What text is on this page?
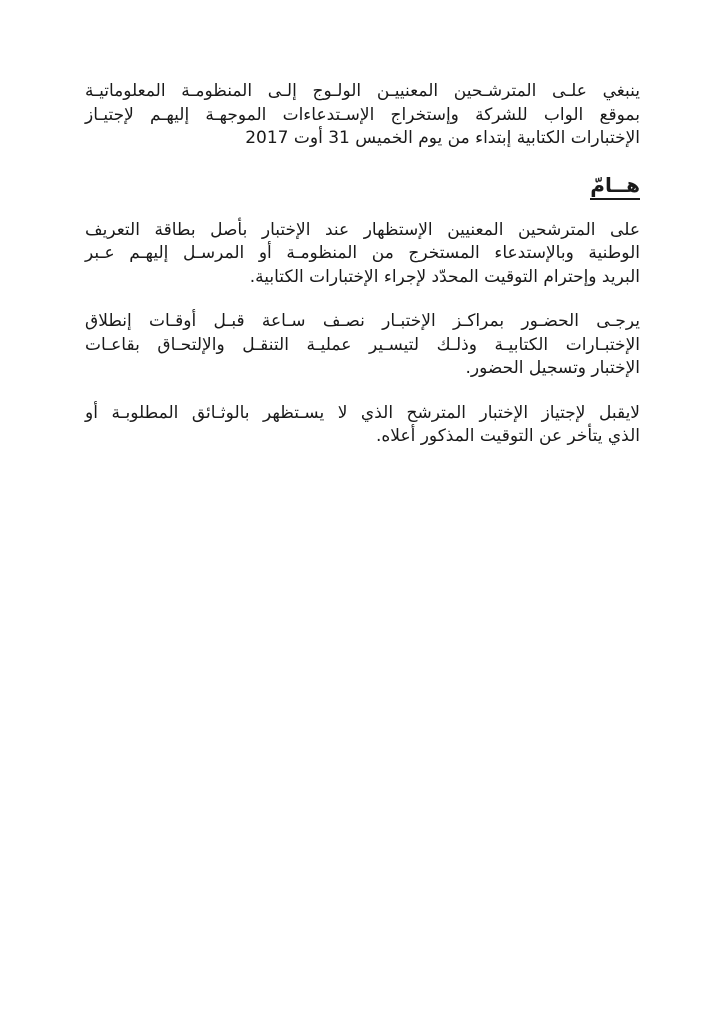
ينبغي علـى المترشـحين المعنييـن الولـوج إلـى المنظومـة المعلوماتيـة
بموقع الواب للشركة وإستخراج الإسـتدعاءات الموجهـة إليهـم لإجتيـاز
الإختبارات الكتابية إبتداء من يوم الخميس 31 أوت 2017
هــامّ
على المترشحين المعنيين الإستظهار عند الإختبار بأصل بطاقة التعريف
الوطنية وبالإستدعاء المستخرج من المنظومـة أو المرسـل إليهـم عـبر
البريد وإحترام التوقيت المحدّد لإجراء الإختبارات الكتابية.
يرجـى الحضـور بمراكـز الإختبـار نصـف سـاعة قبـل أوقـات إنطلاق
الإختبـارات الكتابيـة وذلـك لتيسـير عمليـة التنقـل والإلتحـاق بقاعـات
الإختبار وتسجيل الحضور.
لايقبل لإجتياز الإختبار المترشح الذي لا يسـتظهر بالوثـائق المطلوبـة أو
الذي يتأخر عن التوقيت المذكور أعلاه.
